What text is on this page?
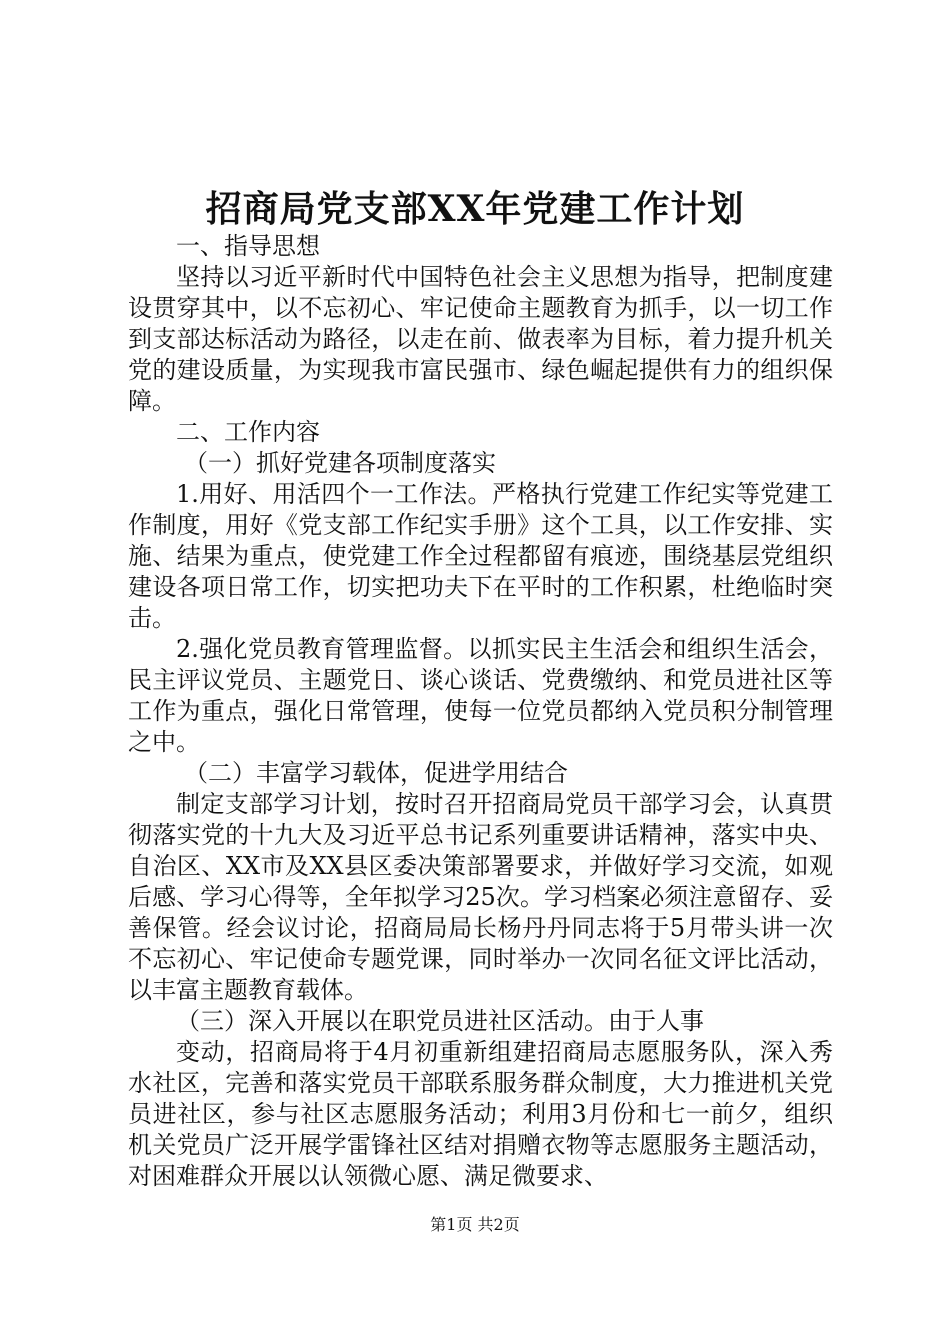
招商局党支部XX年党建工作计划

一、指导思想

坚持以习近平新时代中国特色社会主义思想为指导，把制度建设贯穿其中，以不忘初心、牢记使命主题教育为抓手，以一切工作到支部达标活动为路径，以走在前、做表率为目标，着力提升机关党的建设质量，为实现我市富民强市、绿色崛起提供有力的组织保障。

二、工作内容

（一）抓好党建各项制度落实

1.用好、用活四个一工作法。严格执行党建工作纪实等党建工作制度，用好《党支部工作纪实手册》这个工具，以工作安排、实施、结果为重点，使党建工作全过程都留有痕迹，围绕基层党组织建设各项日常工作，切实把功夫下在平时的工作积累，杜绝临时突击。

2.强化党员教育管理监督。以抓实民主生活会和组织生活会，民主评议党员、主题党日、谈心谈话、党费缴纳、和党员进社区等工作为重点，强化日常管理，使每一位党员都纳入党员积分制管理之中。

（二）丰富学习载体，促进学用结合

制定支部学习计划，按时召开招商局党员干部学习会，认真贯彻落实党的十九大及习近平总书记系列重要讲话精神，落实中央、自治区、XX市及XX县区委决策部署要求，并做好学习交流，如观后感、学习心得等，全年拟学习25次。学习档案必须注意留存、妥善保管。经会议讨论，招商局局长杨丹丹同志将于5月带头讲一次不忘初心、牢记使命专题党课，同时举办一次同名征文评比活动，以丰富主题教育载体。

（三）深入开展以在职党员进社区活动。由于人事

变动，招商局将于4月初重新组建招商局志愿服务队，深入秀水社区，完善和落实党员干部联系服务群众制度，大力推进机关党员进社区，参与社区志愿服务活动；利用3月份和七一前夕，组织机关党员广泛开展学雷锋社区结对捐赠衣物等志愿服务主题活动，对困难群众开展以认领微心愿、满足微要求、

第1页 共2页
